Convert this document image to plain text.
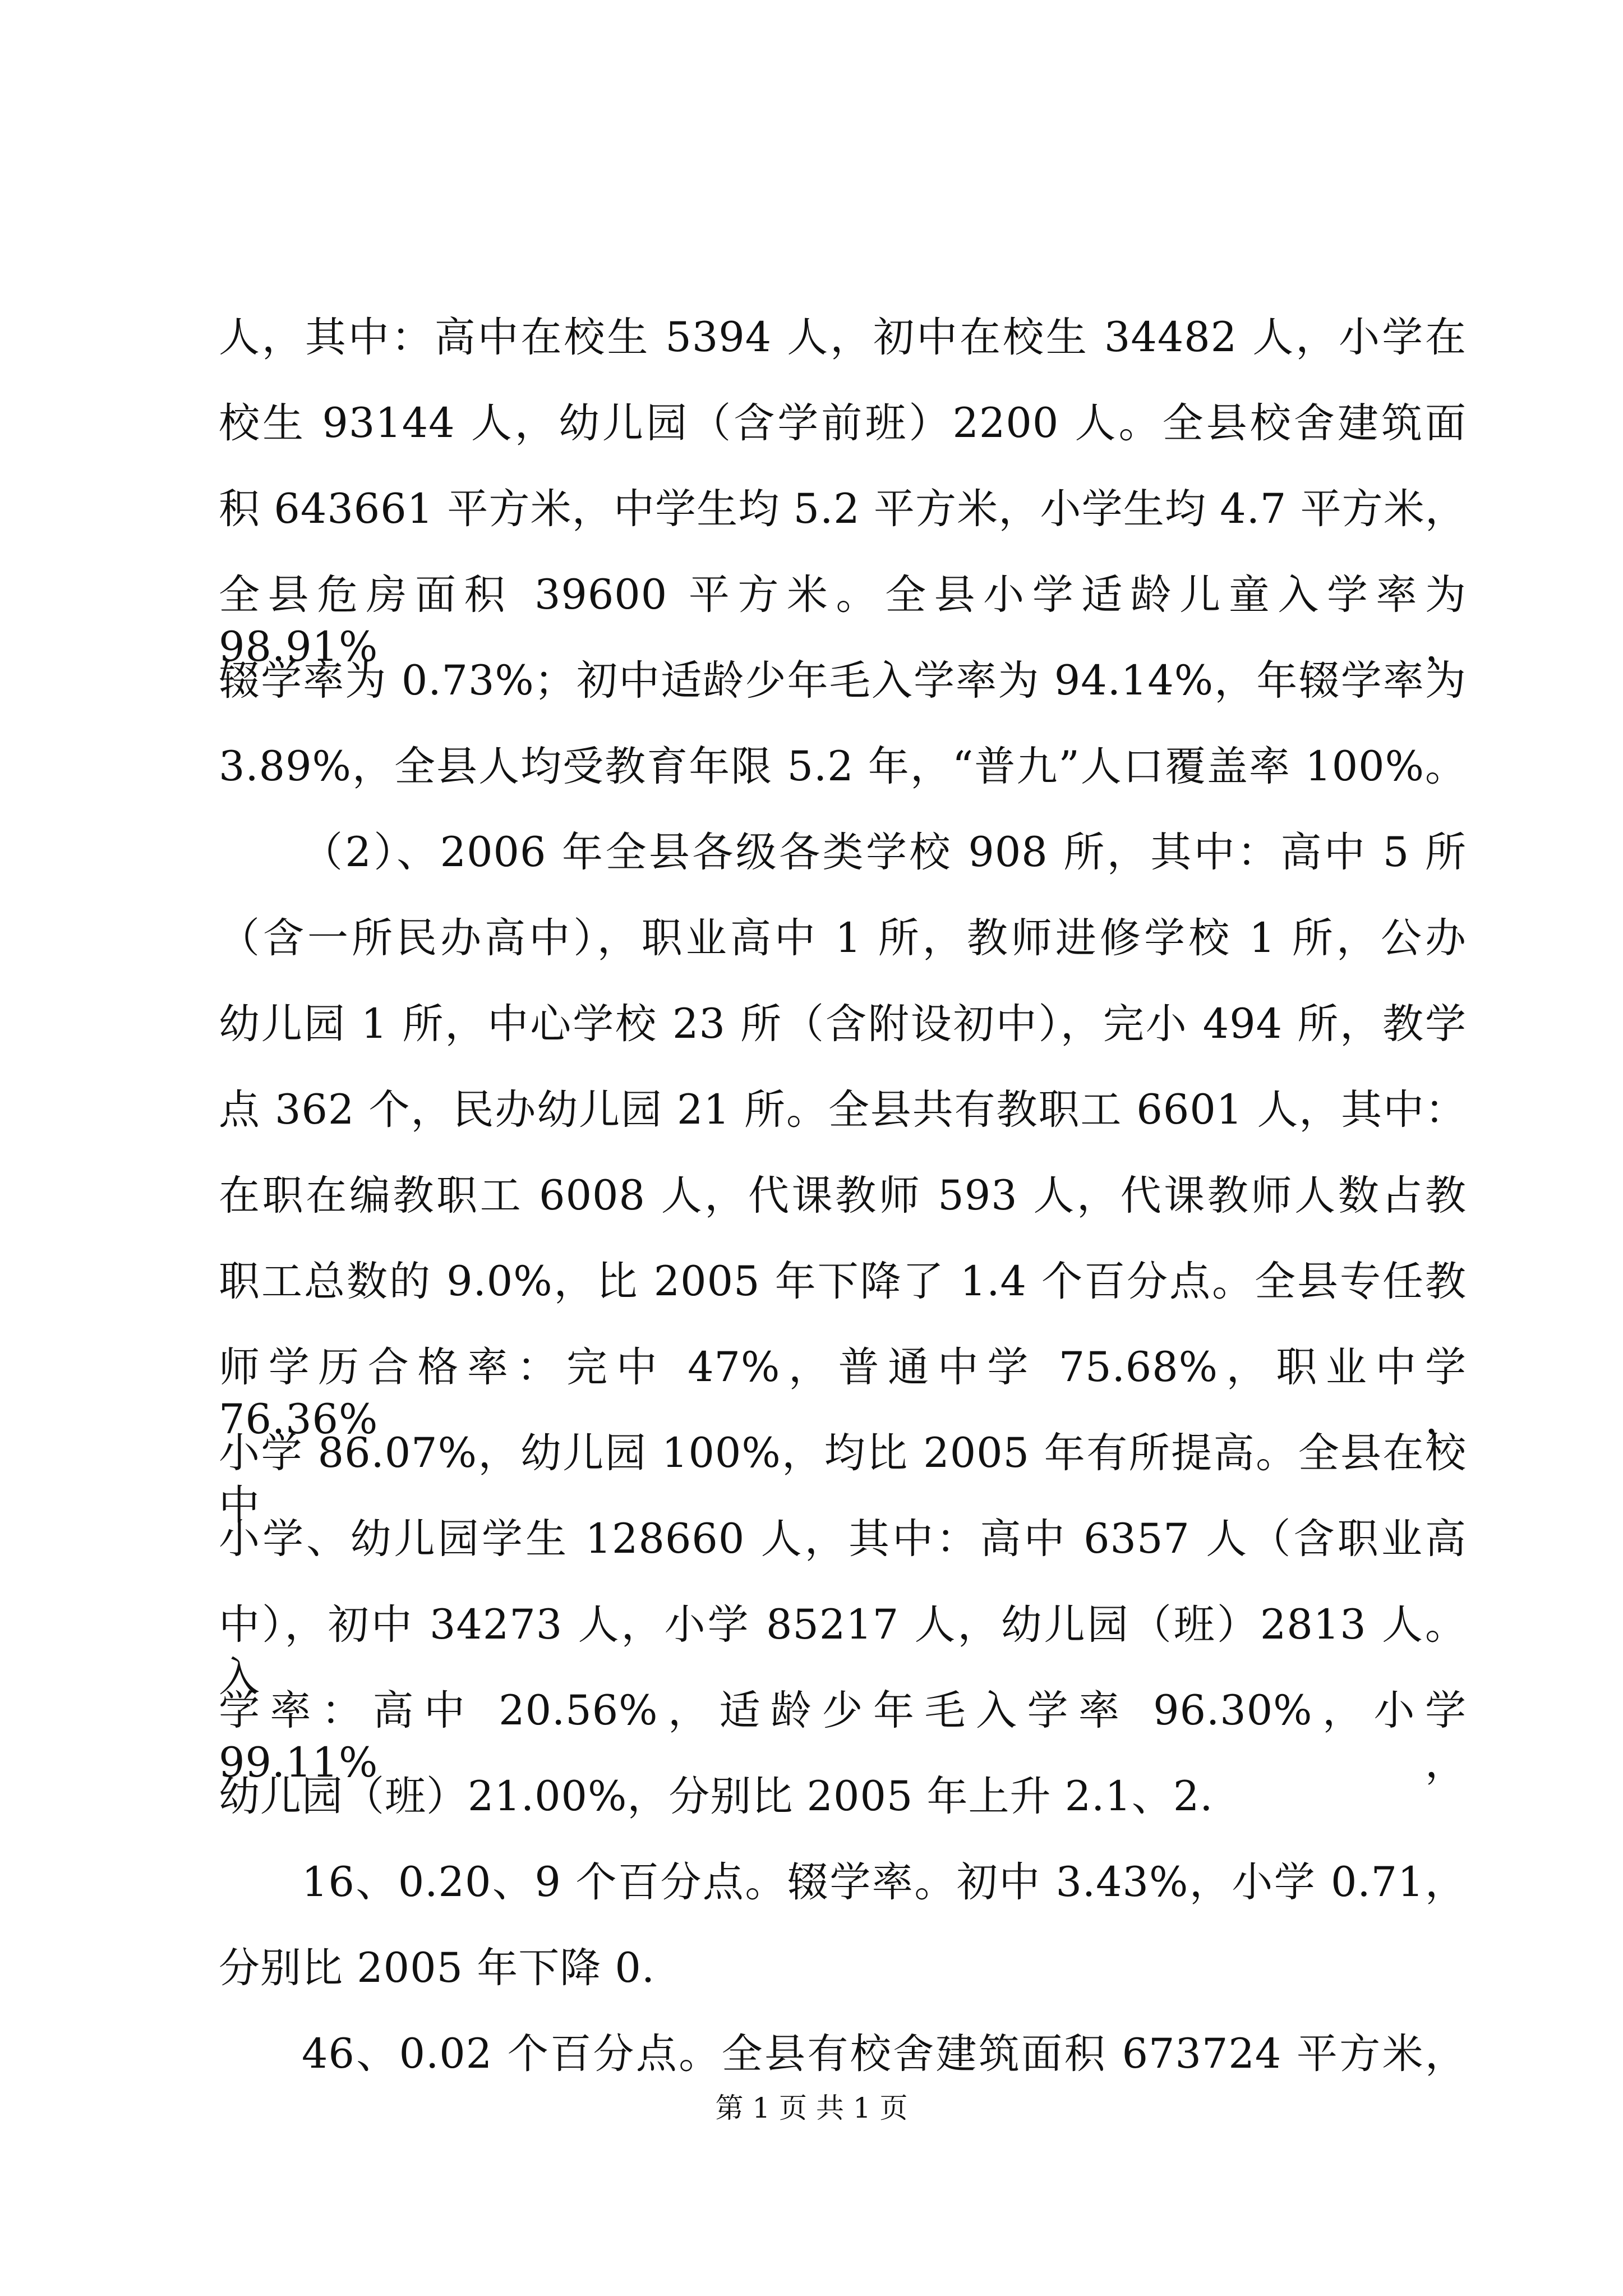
人，其中：高中在校生 5394 人，初中在校生 34482 人，小学在
校生 93144 人，幼儿园（含学前班）2200 人。全县校舍建筑面
积 643661 平方米，中学生均 5.2 平方米，小学生均 4.7 平方米，
全县危房面积 39600 平方米。全县小学适龄儿童入学率为 98.91%，
辍学率为 0.73%；初中适龄少年毛入学率为 94.14%，年辍学率为
3.89%，全县人均受教育年限 5.2 年，“普九”人口覆盖率 100%。
（2）、2006 年全县各级各类学校 908 所，其中：高中 5 所
（含一所民办高中），职业高中 1 所，教师进修学校 1 所，公办
幼儿园 1 所，中心学校 23 所（含附设初中），完小 494 所，教学
点 362 个，民办幼儿园 21 所。全县共有教职工 6601 人，其中：
在职在编教职工 6008 人，代课教师 593 人，代课教师人数占教
职工总数的 9.0%，比 2005 年下降了 1.4 个百分点。全县专任教
师学历合格率：完中 47%，普通中学 75.68%，职业中学 76.36%，
小学 86.07%，幼儿园 100%，均比 2005 年有所提高。全县在校中
小学、幼儿园学生 128660 人，其中：高中 6357 人（含职业高
中），初中 34273 人，小学 85217 人，幼儿园（班）2813 人。入
学率：高中 20.56%，适龄少年毛入学率 96.30%，小学 99.11%，
幼儿园（班）21.00%，分别比 2005 年上升 2.1、2.
16、0.20、9 个百分点。辍学率。初中 3.43%，小学 0.71，
分别比 2005 年下降 0.
46、0.02 个百分点。全县有校舍建筑面积 673724 平方米，
第 1 页 共 1 页
